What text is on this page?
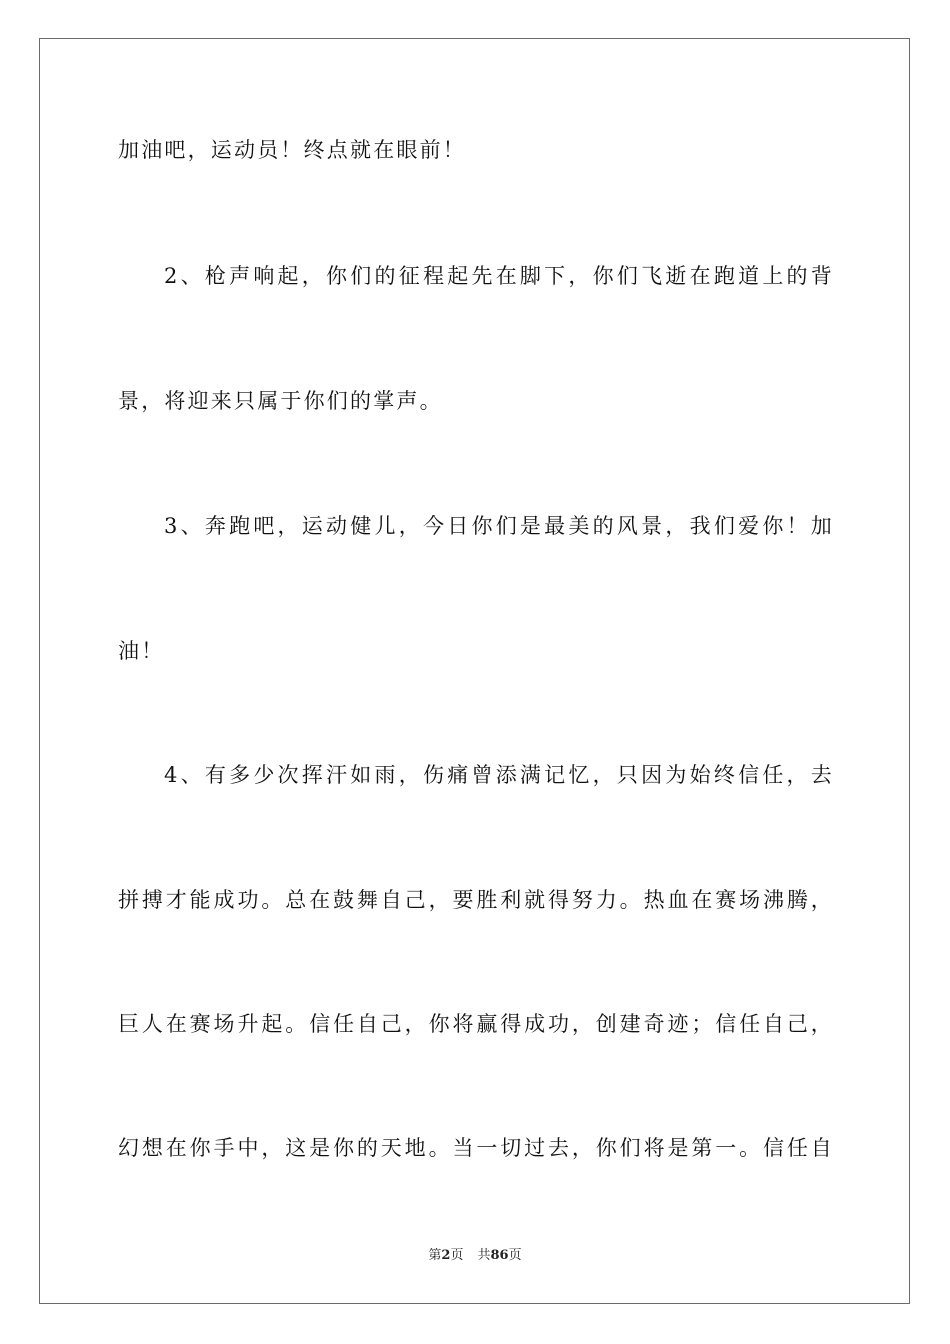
加油吧，运动员！终点就在眼前！
2、枪声响起，你们的征程起先在脚下，你们飞逝在跑道上的背
景，将迎来只属于你们的掌声。
3、奔跑吧，运动健儿，今日你们是最美的风景，我们爱你！加
油！
4、有多少次挥汗如雨，伤痛曾添满记忆，只因为始终信任，去
拼搏才能成功。总在鼓舞自己，要胜利就得努力。热血在赛场沸腾，
巨人在赛场升起。信任自己，你将赢得成功，创建奇迹；信任自己，
幻想在你手中，这是你的天地。当一切过去，你们将是第一。信任自
第2页 共86页
